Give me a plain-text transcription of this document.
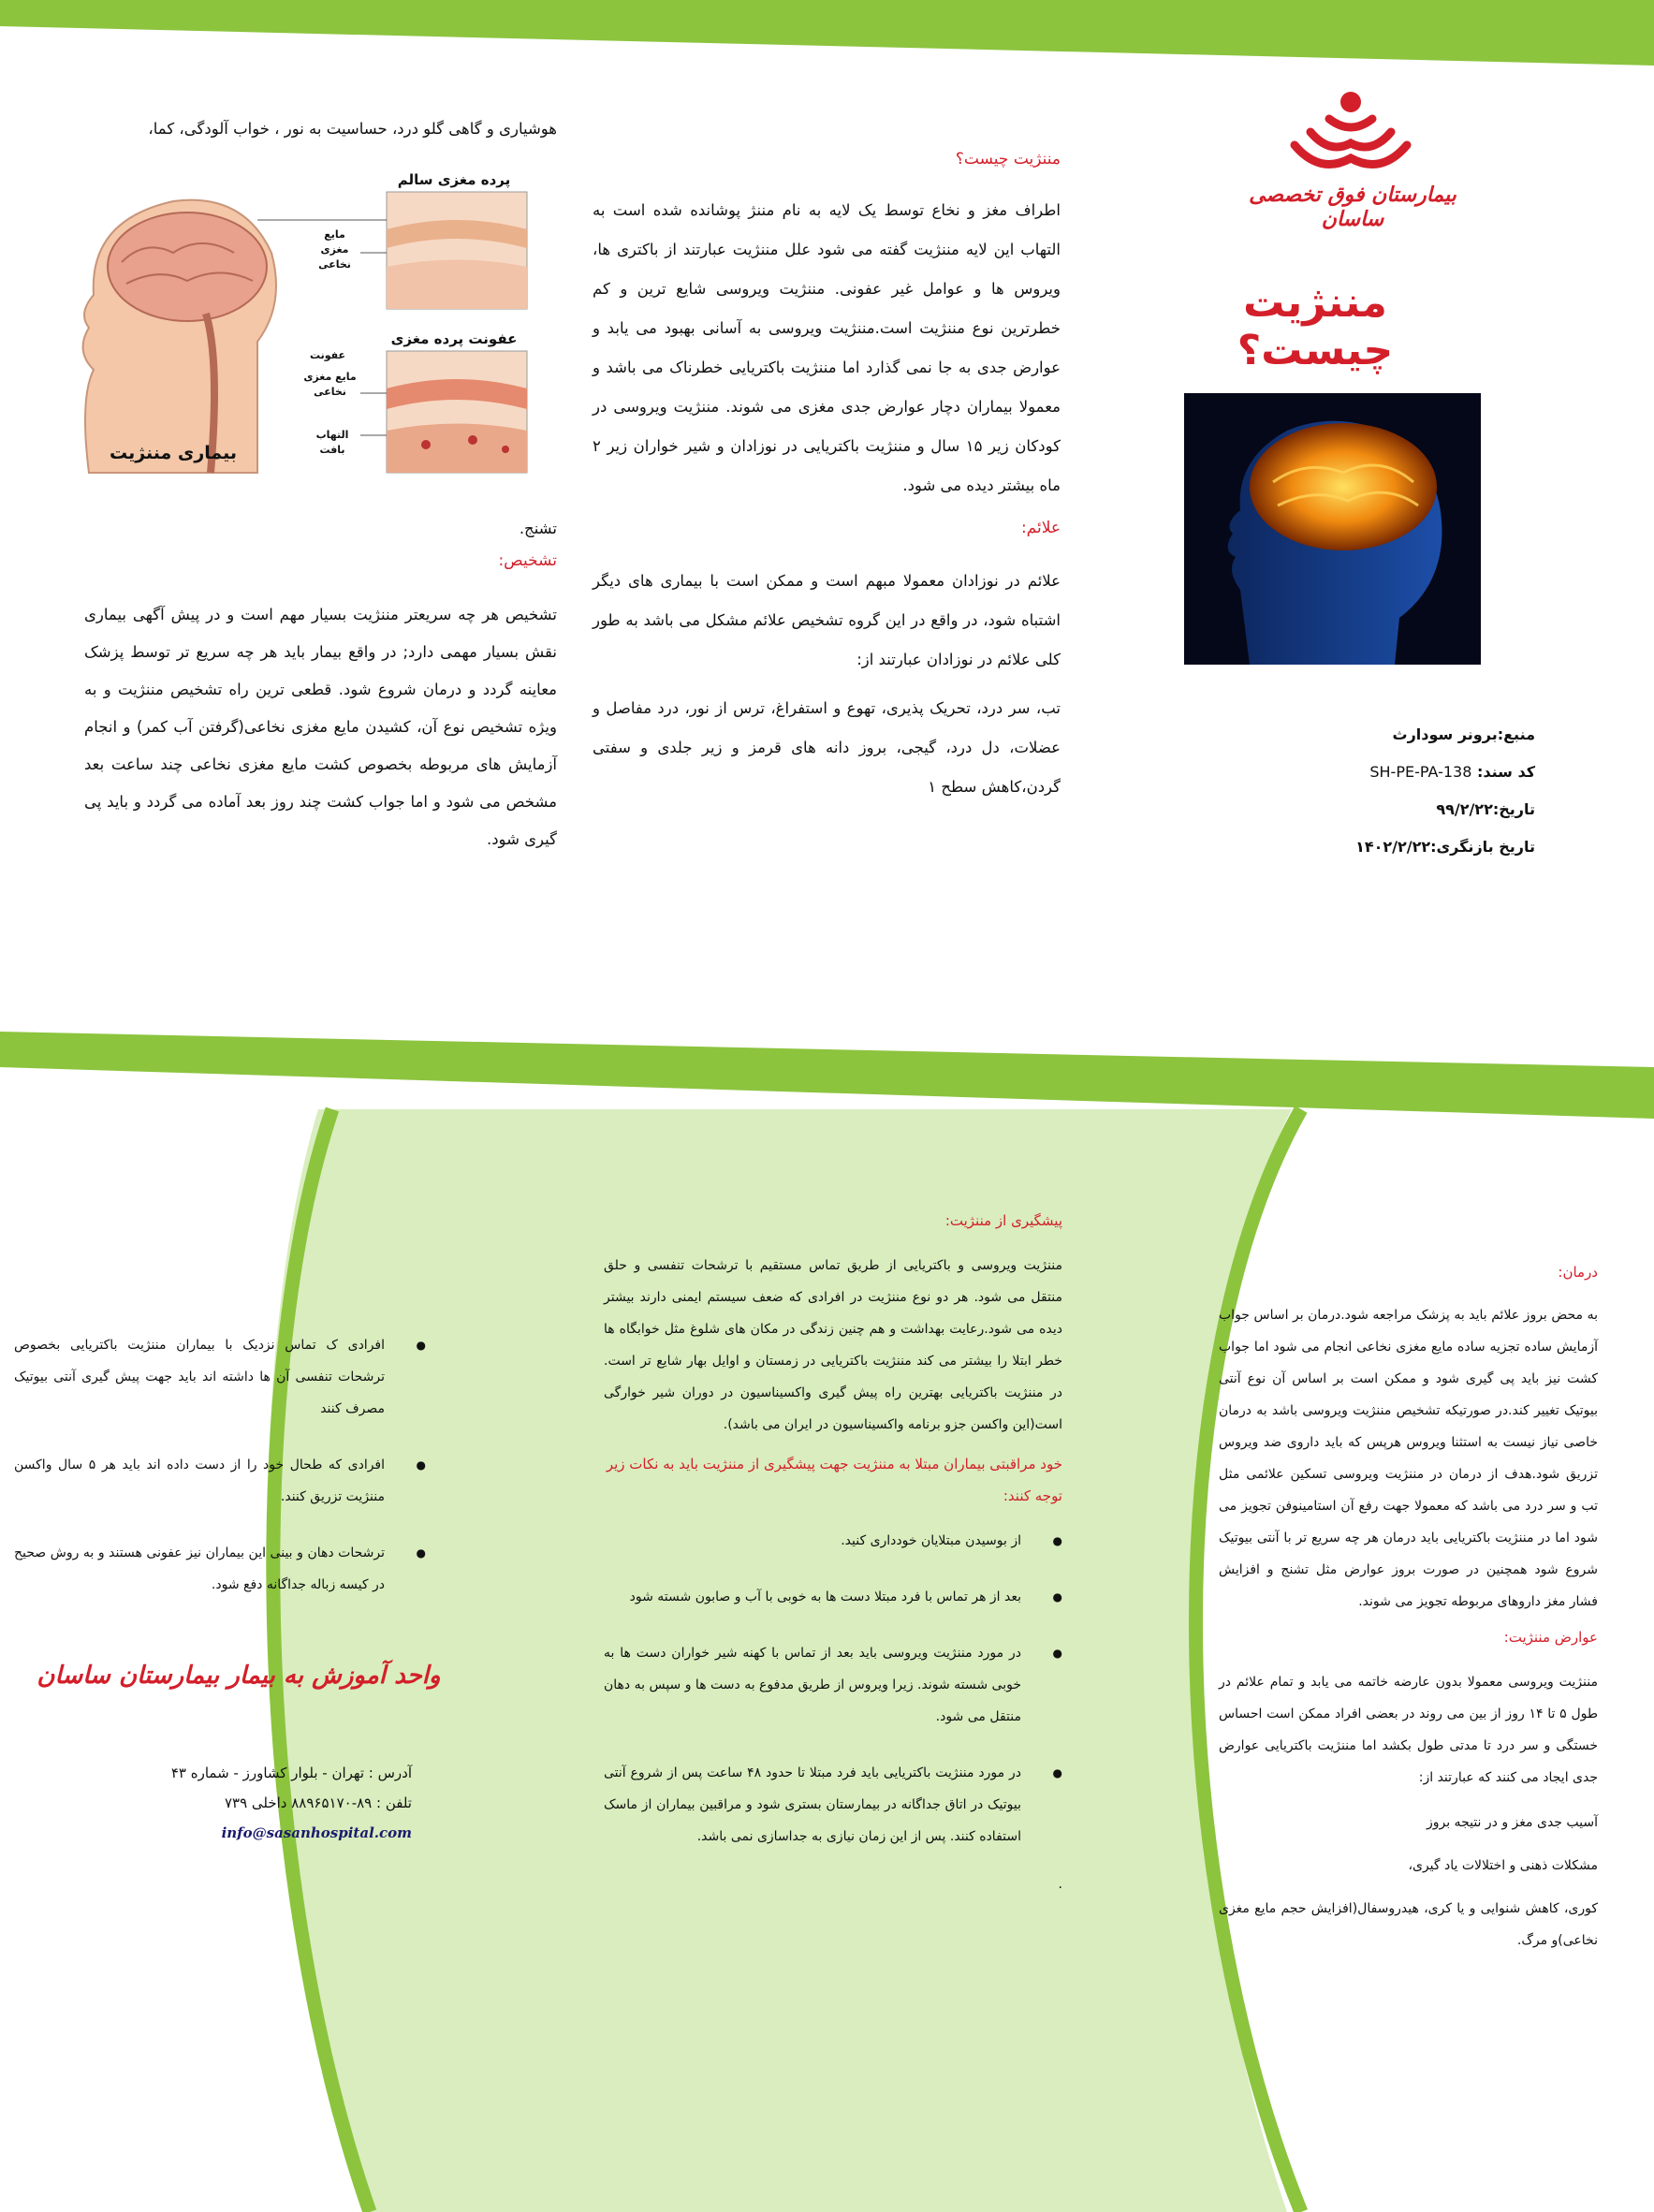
بیمارستان فوق تخصصی ساسان
مننژیت چیست؟
منبع:برونر سودارث
کد سند: SH-PE-PA-138
تاریخ:۹۹/۲/۲۲
تاریخ بازنگری:۱۴۰۲/۲/۲۲
مننژیت چیست؟
اطراف مغز و نخاع توسط یک لایه به نام مننژ پوشانده شده است به التهاب این لایه مننژیت گفته می شود علل مننژیت عبارتند از باکتری ها، ویروس ها و عوامل غیر عفونی. مننژیت ویروسی شایع ترین و کم خطرترین نوع مننژیت است.مننژیت ویروسی به آسانی بهبود می یابد و عوارض جدی به جا نمی گذارد اما مننژیت باکتریایی خطرناک می باشد و معمولا بیماران دچار عوارض جدی مغزی می شوند. مننژیت ویروسی در کودکان زیر ۱۵ سال و مننژیت باکتریایی در نوزادان و شیر خواران زیر ۲ ماه بیشتر دیده می شود.
علائم:
علائم در نوزادان معمولا مبهم است و ممکن است با بیماری های دیگر اشتباه شود، در واقع در این گروه تشخیص علائم مشکل می باشد به طور کلی علائم در نوزادان عبارتند از:
تب، سر درد، تحریک پذیری، تهوع و استفراغ، ترس از نور، درد مفاصل و عضلات، دل درد، گیجی، بروز دانه های قرمز و زیر جلدی و سفتی گردن،کاهش سطح ۱
هوشیاری و گاهی گلو درد، حساسیت به نور ، خواب آلودگی، کما،
پرده مغزی سالم
مایع مغزی نخاعی
عفونت پرده مغزی
عفونت
مایع مغزی نخاعی
التهاب بافت
بیماری مننژیت
تشنج.
تشخیص:
تشخیص هر چه سریعتر مننژیت بسیار مهم است و در پیش آگهی بیماری نقش بسیار مهمی دارد; در واقع بیمار باید هر چه سریع تر توسط پزشک معاینه گردد و درمان شروع شود. قطعی ترین راه تشخیص مننژیت و به ویژه تشخیص نوع آن، کشیدن مایع مغزی نخاعی(گرفتن آب کمر) و انجام آزمایش های مربوطه بخصوص کشت مایع مغزی نخاعی چند ساعت بعد مشخص می شود و اما جواب کشت چند روز بعد آماده می گردد و باید پی گیری شود.
درمان:
به محض بروز علائم باید به پزشک مراجعه شود.درمان بر اساس جواب آزمایش ساده تجزیه ساده مایع مغزی نخاعی انجام می شود اما جواب کشت نیز باید پی گیری شود و ممکن است بر اساس آن نوع آنتی بیوتیک تغییر کند.در صورتیکه تشخیص مننژیت ویروسی باشد به درمان خاصی نیاز نیست به استثنا ویروس هرپس که باید داروی ضد ویروس تزریق شود.هدف از درمان در مننژیت ویروسی تسکین علائمی مثل تب و سر درد می باشد که معمولا جهت رفع آن استامینوفن تجویز می شود اما در مننژیت باکتریایی باید درمان هر چه سریع تر با آنتی بیوتیک شروع شود همچنین در صورت بروز عوارض مثل تشنج و افزایش فشار مغز داروهای مربوطه تجویز می شوند.
عوارض مننژیت:
مننژیت ویروسی معمولا بدون عارضه خاتمه می یابد و تمام علائم در طول ۵ تا ۱۴ روز از بین می روند در بعضی افراد ممکن است احساس خستگی و سر درد تا مدتی طول بکشد اما مننژیت باکتریایی عوارض جدی ایجاد می کنند که عبارتند از:
آسیب جدی مغز و در نتیجه بروز
مشکلات ذهنی و اختلالات یاد گیری،
کوری، کاهش شنوایی و یا کری، هیدروسفال(افزایش حجم مایع مغزی نخاعی)و مرگ.
پیشگیری از مننژیت:
مننژیت ویروسی و باکتریایی از طریق تماس مستقیم با ترشحات تنفسی و حلق منتقل می شود. هر دو نوع مننژیت در افرادی که ضعف سیستم ایمنی دارند بیشتر دیده می شود.رعایت بهداشت و هم چنین زندگی در مکان های شلوغ مثل خوابگاه ها خطر ابتلا را بیشتر می کند مننژیت باکتریایی در زمستان و اوایل بهار شایع تر است. در مننژیت باکتریایی بهترین راه پیش گیری واکسیناسیون در دوران شیر خوارگی است(این واکسن جزو برنامه واکسیناسیون در ایران می باشد).
خود مراقبتی بیماران مبتلا به مننژیت جهت پیشگیری از مننژیت باید به نکات زیر توجه کنند:
● از بوسیدن مبتلایان خودداری کنید.
● بعد از هر تماس با فرد مبتلا دست ها به خوبی با آب و صابون شسته شود
● در مورد مننژیت ویروسی باید بعد از تماس با کهنه شیر خواران دست ها به خوبی شسته شوند. زیرا ویروس از طریق مدفوع به دست ها و سپس به دهان منتقل می شود.
● در مورد مننژیت باکتریایی باید فرد مبتلا تا حدود ۴۸ ساعت پس از شروع آنتی بیوتیک در اتاق جداگانه در بیمارستان بستری شود و مراقبین بیماران از ماسک استفاده کنند. پس از این زمان نیازی به جداسازی نمی باشد.
.
● افرادی ک تماس نزدیک با بیماران مننژیت باکتریایی بخصوص ترشحات تنفسی آن ها داشته اند باید جهت پیش گیری آنتی بیوتیک مصرف کنند
● افرادی که طحال خود را از دست داده اند باید هر ۵ سال واکسن مننژیت تزریق کنند.
● ترشحات دهان و بینی این بیماران نیز عفونی هستند و به روش صحیح در کیسه زباله جداگانه دفع شود.
واحد آموزش به بیمار بیمارستان ساسان
آدرس : تهران - بلوار کشاورز - شماره ۴۳
تلفن : ۸۹-۸۸۹۶۵۱۷۰ داخلی ۷۳۹
info@sasanhospital.com
